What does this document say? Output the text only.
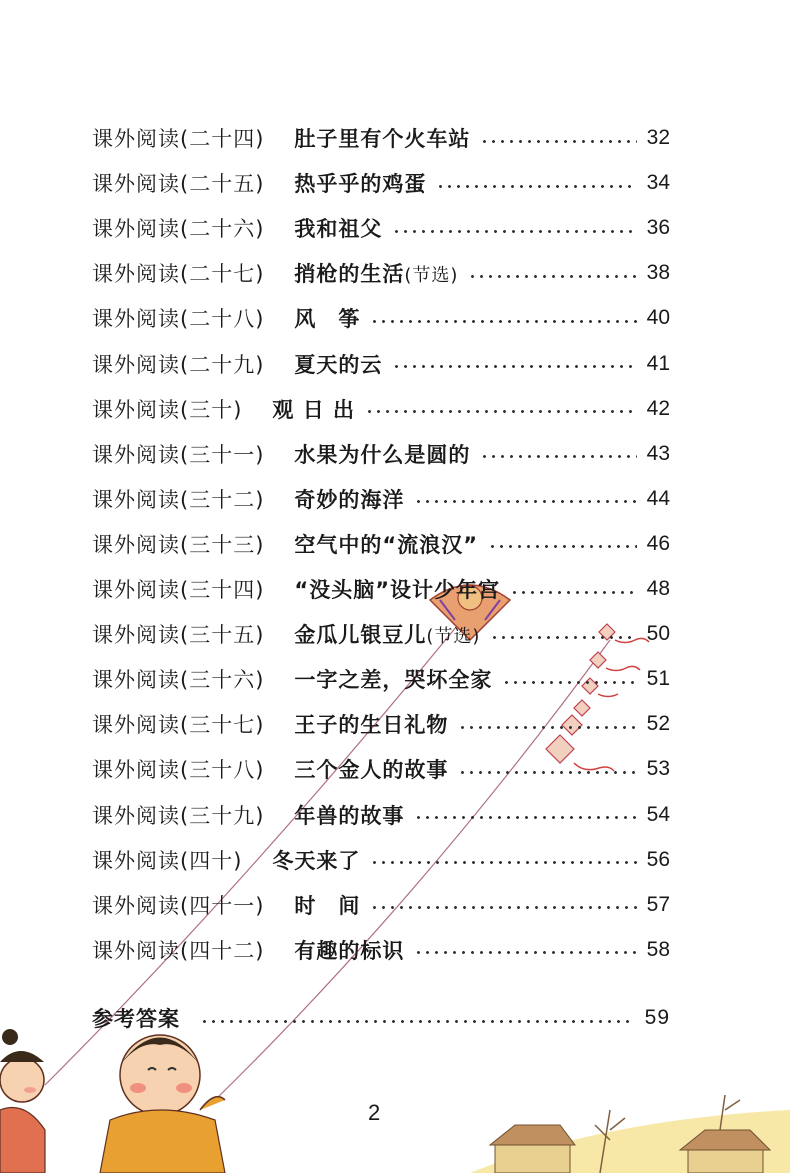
课外阅读(二十四) 肚子里有个火车站	32
课外阅读(二十五) 热乎乎的鸡蛋	34
课外阅读(二十六) 我和祖父	36
课外阅读(二十七) 捎枪的生活(节选)	38
课外阅读(二十八) 风　筝	40
课外阅读(二十九) 夏天的云	41
课外阅读(三十) 观 日 出	42
课外阅读(三十一) 水果为什么是圆的	43
课外阅读(三十二) 奇妙的海洋	44
课外阅读(三十三) 空气中的“流浪汉”	46
课外阅读(三十四) “没头脑”设计少年宫	48
课外阅读(三十五) 金瓜儿银豆儿(节选)	50
课外阅读(三十六) 一字之差，哭坏全家	51
课外阅读(三十七) 王子的生日礼物	52
课外阅读(三十八) 三个金人的故事	53
课外阅读(三十九) 年兽的故事	54
课外阅读(四十) 冬天来了	56
课外阅读(四十一) 时　间	57
课外阅读(四十二) 有趣的标识	58
参考答案	59
2
